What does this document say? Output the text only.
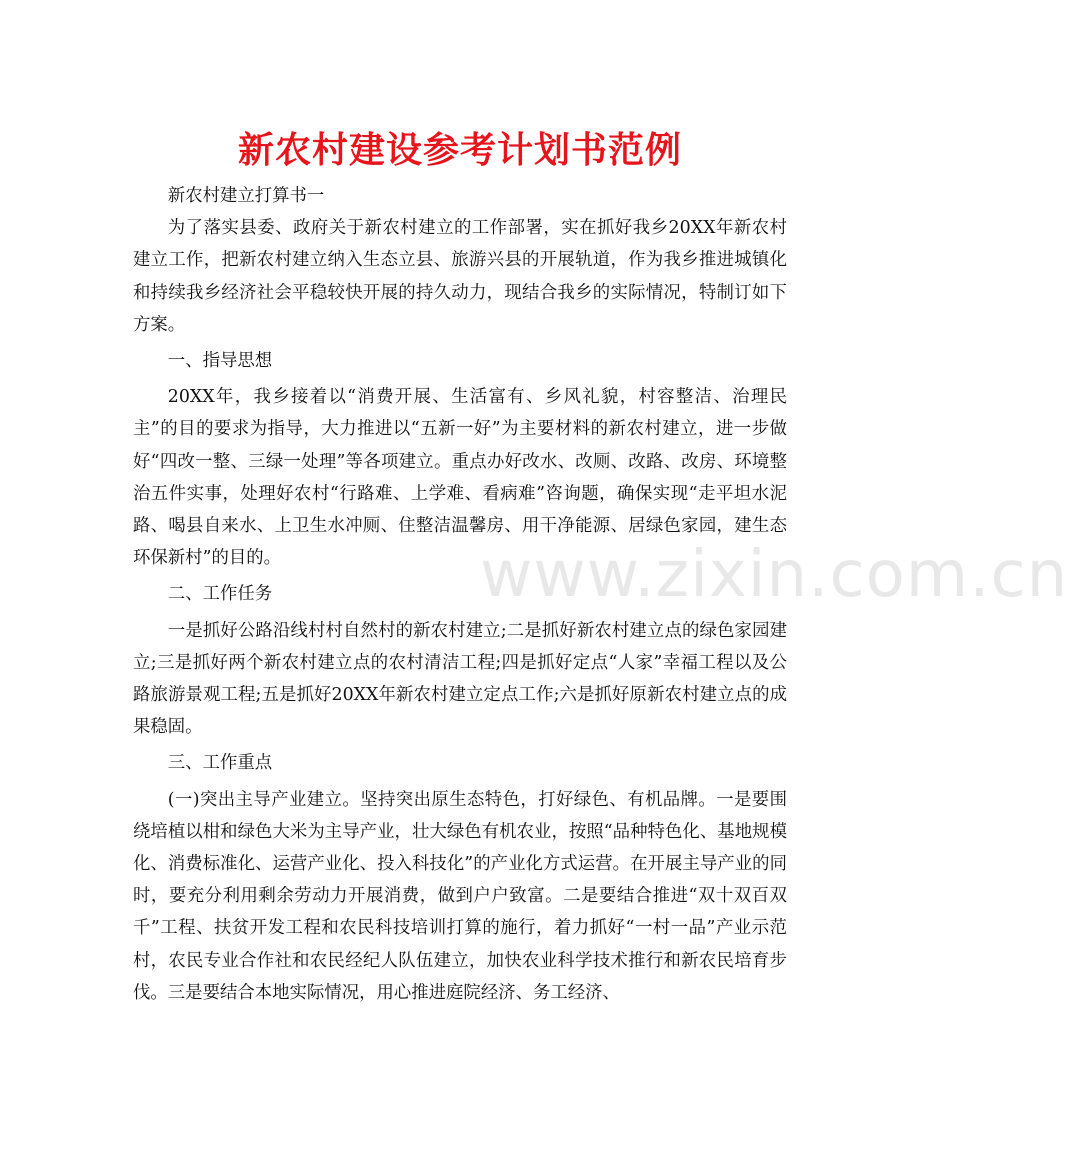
新农村建设参考计划书范例

新农村建立打算书一

为了落实县委、政府关于新农村建立的工作部署，实在抓好我乡20XX年新农村建立工作，把新农村建立纳入生态立县、旅游兴县的开展轨道，作为我乡推进城镇化和持续我乡经济社会平稳较快开展的持久动力，现结合我乡的实际情况，特制订如下方案。

一、指导思想

20XX年，我乡接着以“消费开展、生活富有、乡风礼貌，村容整洁、治理民主”的目的要求为指导，大力推进以“五新一好”为主要材料的新农村建立，进一步做好“四改一整、三绿一处理”等各项建立。重点办好改水、改厕、改路、改房、环境整治五件实事，处理好农村“行路难、上学难、看病难”咨询题，确保实现“走平坦水泥路、喝县自来水、上卫生水冲厕、住整洁温馨房、用干净能源、居绿色家园，建生态环保新村”的目的。

二、工作任务

一是抓好公路沿线村村自然村的新农村建立;二是抓好新农村建立点的绿色家园建立;三是抓好两个新农村建立点的农村清洁工程;四是抓好定点“人家”幸福工程以及公路旅游景观工程;五是抓好20XX年新农村建立定点工作;六是抓好原新农村建立点的成果稳固。

三、工作重点

(一)突出主导产业建立。坚持突出原生态特色，打好绿色、有机品牌。一是要围绕培植以柑和绿色大米为主导产业，壮大绿色有机农业，按照“品种特色化、基地规模化、消费标准化、运营产业化、投入科技化”的产业化方式运营。在开展主导产业的同时，要充分利用剩余劳动力开展消费，做到户户致富。二是要结合推进“双十双百双千”工程、扶贫开发工程和农民科技培训打算的施行，着力抓好“一村一品”产业示范村，农民专业合作社和农民经纪人队伍建立，加快农业科学技术推行和新农民培育步伐。三是要结合本地实际情况，用心推进庭院经济、务工经济、

www.zixin.com.cn
